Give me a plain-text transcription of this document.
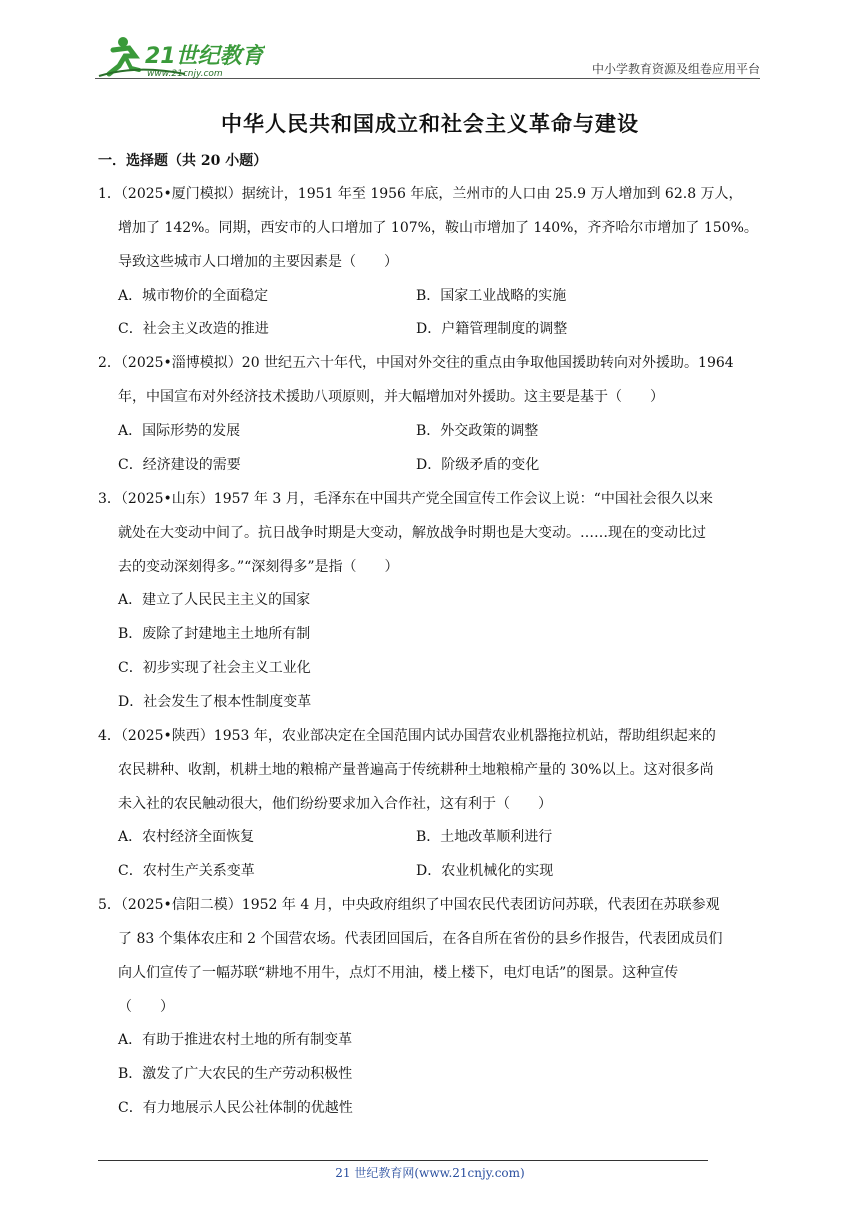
21世纪教育
www.21cnjy.com	中小学教育资源及组卷应用平台
中华人民共和国成立和社会主义革命与建设
一．选择题（共 20 小题）
1．（2025•厦门模拟）据统计，1951 年至 1956 年底，兰州市的人口由 25.9 万人增加到 62.8 万人，
增加了 142%。同期，西安市的人口增加了 107%，鞍山市增加了 140%，齐齐哈尔市增加了 150%。
导致这些城市人口增加的主要因素是（　　）
A．城市物价的全面稳定	B．国家工业战略的实施
C．社会主义改造的推进	D．户籍管理制度的调整
2．（2025•淄博模拟）20 世纪五六十年代，中国对外交往的重点由争取他国援助转向对外援助。1964
年，中国宣布对外经济技术援助八项原则，并大幅增加对外援助。这主要是基于（　　）
A．国际形势的发展	B．外交政策的调整
C．经济建设的需要	D．阶级矛盾的变化
3．（2025•山东）1957 年 3 月，毛泽东在中国共产党全国宣传工作会议上说：“中国社会很久以来
就处在大变动中间了。抗日战争时期是大变动，解放战争时期也是大变动。……现在的变动比过
去的变动深刻得多。”“深刻得多”是指（　　）
A．建立了人民民主主义的国家
B．废除了封建地主土地所有制
C．初步实现了社会主义工业化
D．社会发生了根本性制度变革
4．（2025•陕西）1953 年，农业部决定在全国范围内试办国营农业机器拖拉机站，帮助组织起来的
农民耕种、收割，机耕土地的粮棉产量普遍高于传统耕种土地粮棉产量的 30%以上。这对很多尚
未入社的农民触动很大，他们纷纷要求加入合作社，这有利于（　　）
A．农村经济全面恢复	B．土地改革顺利进行
C．农村生产关系变革	D．农业机械化的实现
5．（2025•信阳二模）1952 年 4 月，中央政府组织了中国农民代表团访问苏联，代表团在苏联参观
了 83 个集体农庄和 2 个国营农场。代表团回国后，在各自所在省份的县乡作报告，代表团成员们
向人们宣传了一幅苏联“耕地不用牛，点灯不用油，楼上楼下，电灯电话”的图景。这种宣传
（　　）
A．有助于推进农村土地的所有制变革
B．激发了广大农民的生产劳动积极性
C．有力地展示人民公社体制的优越性
21 世纪教育网(www.21cnjy.com)
